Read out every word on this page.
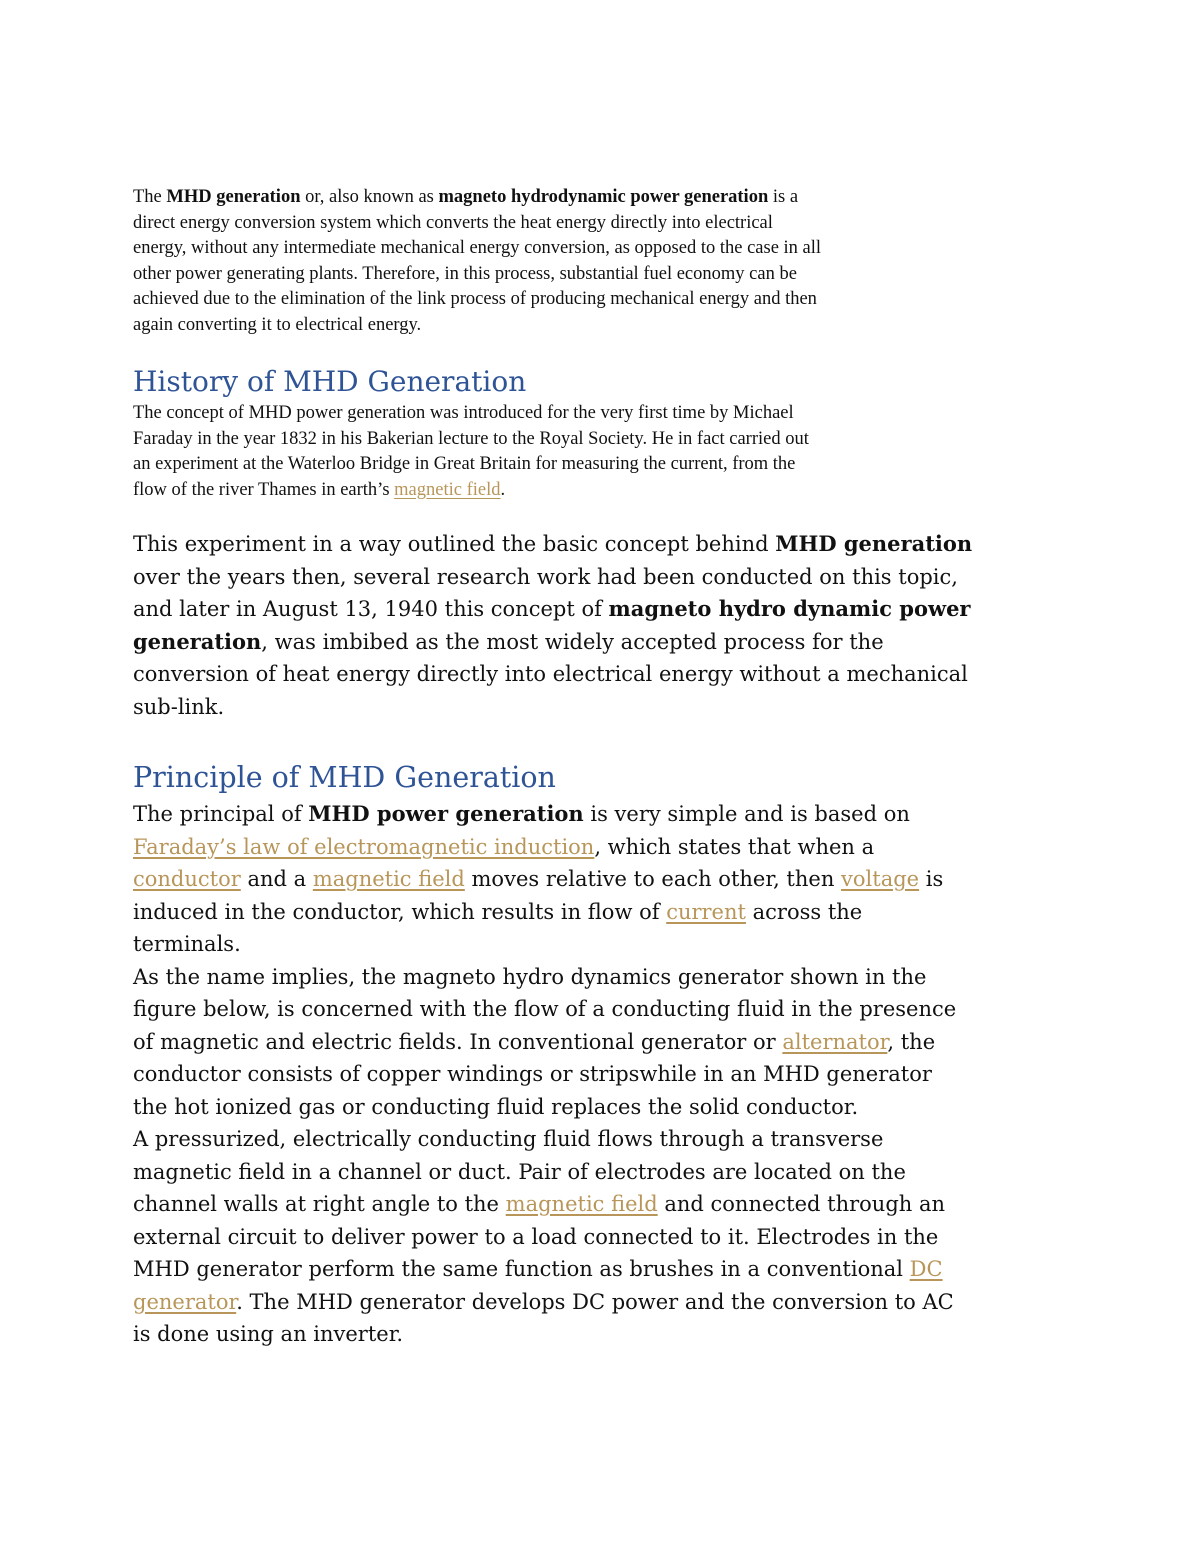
The MHD generation or, also known as magneto hydrodynamic power generation is a
direct energy conversion system which converts the heat energy directly into electrical
energy, without any intermediate mechanical energy conversion, as opposed to the case in all
other power generating plants. Therefore, in this process, substantial fuel economy can be
achieved due to the elimination of the link process of producing mechanical energy and then
again converting it to electrical energy.

History of MHD Generation

The concept of MHD power generation was introduced for the very first time by Michael
Faraday in the year 1832 in his Bakerian lecture to the Royal Society. He in fact carried out
an experiment at the Waterloo Bridge in Great Britain for measuring the current, from the
flow of the river Thames in earth’s magnetic field.

This experiment in a way outlined the basic concept behind MHD generation
over the years then, several research work had been conducted on this topic,
and later in August 13, 1940 this concept of magneto hydro dynamic power
generation, was imbibed as the most widely accepted process for the
conversion of heat energy directly into electrical energy without a mechanical
sub-link.

Principle of MHD Generation

The principal of MHD power generation is very simple and is based on
Faraday’s law of electromagnetic induction, which states that when a
conductor and a magnetic field moves relative to each other, then voltage is
induced in the conductor, which results in flow of current across the
terminals.
As the name implies, the magneto hydro dynamics generator shown in the
figure below, is concerned with the flow of a conducting fluid in the presence
of magnetic and electric fields. In conventional generator or alternator, the
conductor consists of copper windings or stripswhile in an MHD generator
the hot ionized gas or conducting fluid replaces the solid conductor.
A pressurized, electrically conducting fluid flows through a transverse
magnetic field in a channel or duct. Pair of electrodes are located on the
channel walls at right angle to the magnetic field and connected through an
external circuit to deliver power to a load connected to it. Electrodes in the
MHD generator perform the same function as brushes in a conventional DC
generator. The MHD generator develops DC power and the conversion to AC
is done using an inverter.
